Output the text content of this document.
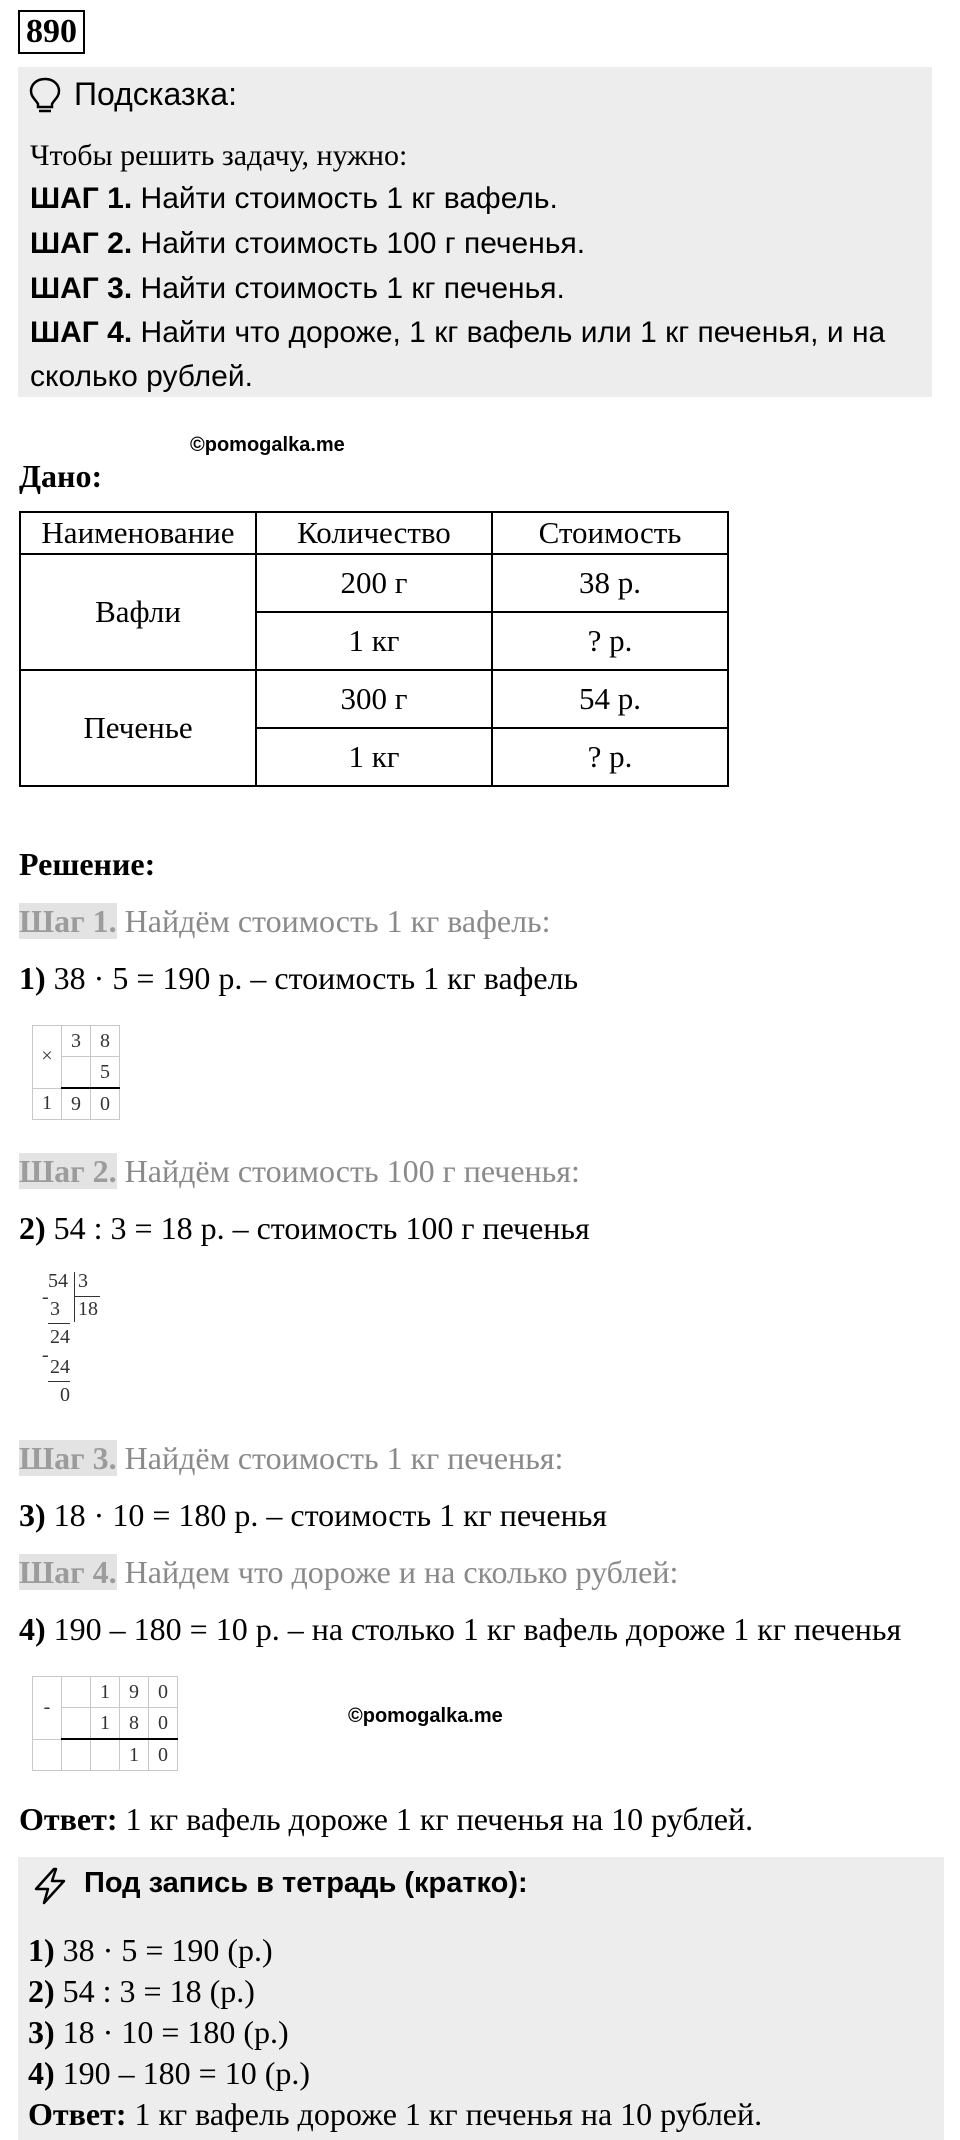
890
Подсказка:
Чтобы решить задачу, нужно:
ШАГ 1. Найти стоимость 1 кг вафель.
ШАГ 2. Найти стоимость 100 г печенья.
ШАГ 3. Найти стоимость 1 кг печенья.
ШАГ 4. Найти что дороже, 1 кг вафель или 1 кг печенья, и на
сколько рублей.
©pomogalka.me
Дано:
Наименование	Количество	Стоимость
Вафли	200 г	38 р.
	1 кг	? р.
Печенье	300 г	54 р.
	1 кг	? р.
Решение:
Шаг 1. Найдём стоимость 1 кг вафель:
1) 38 · 5 = 190 р. – стоимость 1 кг вафель
×	3	8
		5
1	9	0
Шаг 2. Найдём стоимость 100 г печенья:
2) 54 : 3 = 18 р. – стоимость 100 г печенья
54 3
18
-
3
24
-
24
0
Шаг 3. Найдём стоимость 1 кг печенья:
3) 18 · 10 = 180 р. – стоимость 1 кг печенья
Шаг 4. Найдем что дороже и на сколько рублей:
4) 190 – 180 = 10 р. – на столько 1 кг вафель дороже 1 кг печенья
-		1	9	0
		1	8	0
			1	0
©pomogalka.me
Ответ: 1 кг вафель дороже 1 кг печенья на 10 рублей.
Под запись в тетрадь (кратко):
1) 38 · 5 = 190 (р.)
2) 54 : 3 = 18 (р.)
3) 18 · 10 = 180 (р.)
4) 190 – 180 = 10 (р.)
Ответ: 1 кг вафель дороже 1 кг печенья на 10 рублей.
